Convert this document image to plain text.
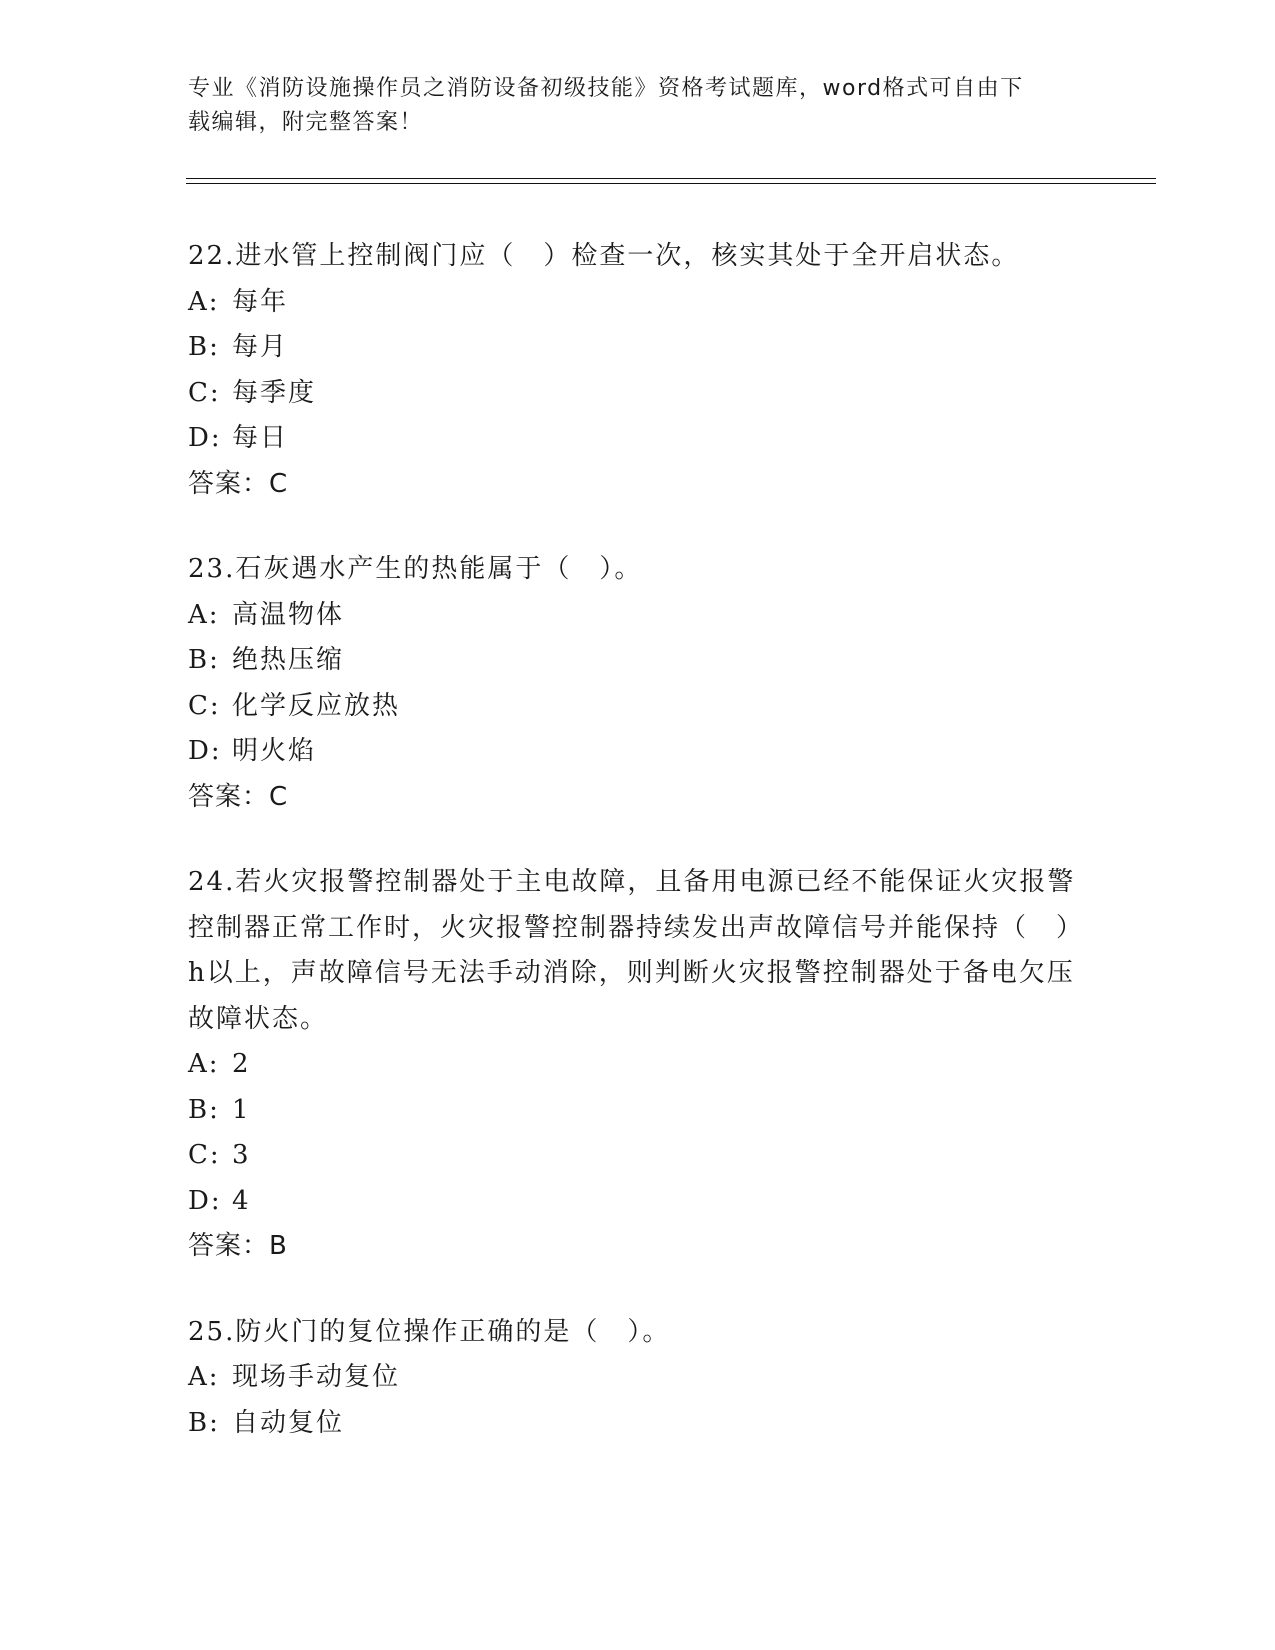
专业《消防设施操作员之消防设备初级技能》资格考试题库，word格式可自由下
载编辑，附完整答案！

22.进水管上控制阀门应（　）检查一次，核实其处于全开启状态。

A: 每年

B: 每月

C: 每季度

D: 每日

答案：C

23.石灰遇水产生的热能属于（　）。

A: 高温物体

B: 绝热压缩

C: 化学反应放热

D: 明火焰

答案：C

24.若火灾报警控制器处于主电故障，且备用电源已经不能保证火灾报警控制器正常工作时，火灾报警控制器持续发出声故障信号并能保持（　）h以上，声故障信号无法手动消除，则判断火灾报警控制器处于备电欠压故障状态。

A: 2

B: 1

C: 3

D: 4

答案：B

25.防火门的复位操作正确的是（　）。

A: 现场手动复位

B: 自动复位
